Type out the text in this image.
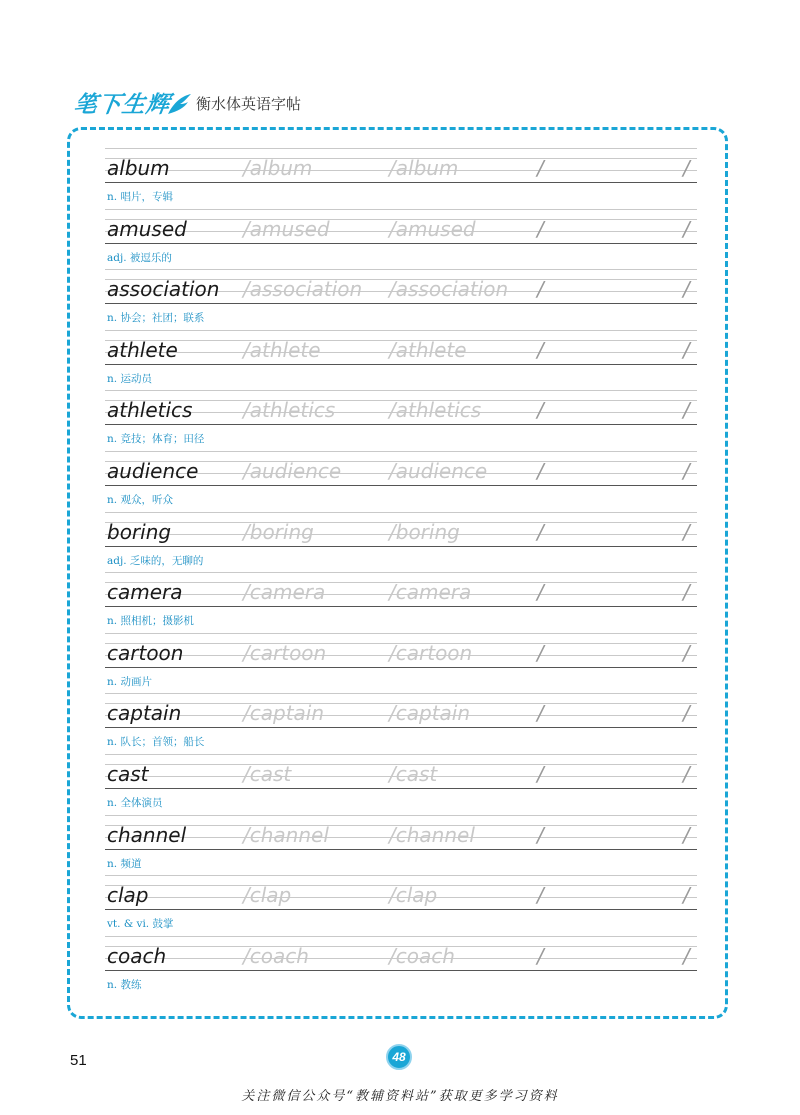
笔下生辉 衡水体英语字帖
album	/album	/album	/	/
n. 唱片，专辑
amused	/amused	/amused	/	/
adj. 被逗乐的
association /association /association /	/
n. 协会；社团；联系
athlete	/athlete	/athlete	/	/
n. 运动员
athletics	/athletics	/athletics	/	/
n. 竞技；体育；田径
audience /audience /audience /	/
n. 观众，听众
boring	/boring	/boring	/	/
adj. 乏味的，无聊的
camera	/camera	/camera	/	/
n. 照相机；摄影机
cartoon	/cartoon	/cartoon	/	/
n. 动画片
captain	/captain	/captain	/	/
n. 队长；首领；船长
cast	/cast	/cast	/	/
n. 全体演员
channel	/channel	/channel	/	/
n. 频道
clap	/clap	/clap	/	/
vt. & vi. 鼓掌
coach	/coach	/coach	/	/
n. 教练
51	48
关注微信公众号“教辅资料站”获取更多学习资料
